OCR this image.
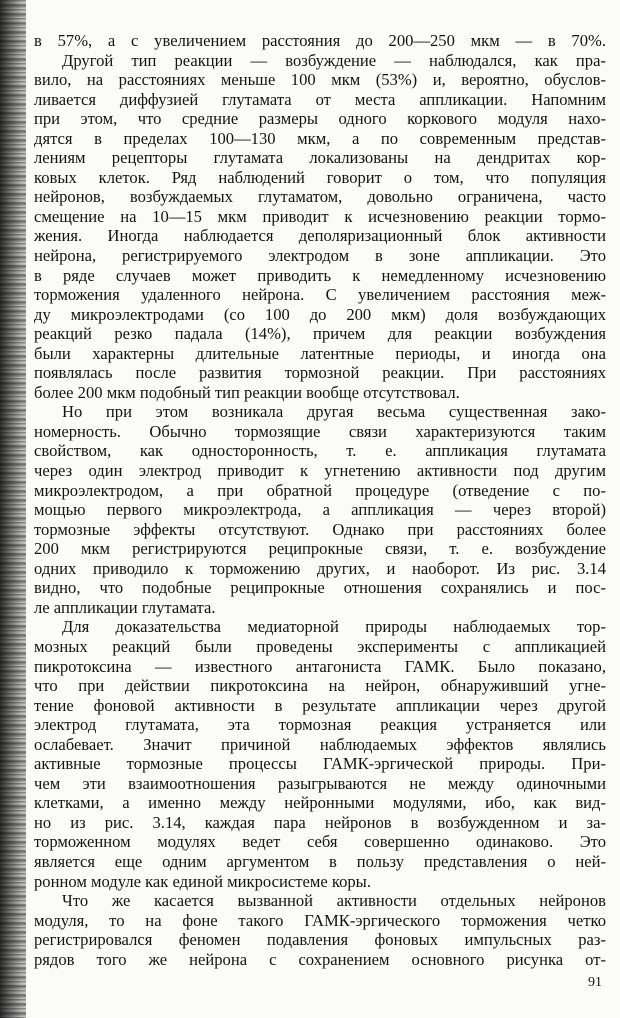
в 57%, а с увеличением расстояния до 200—250 мкм — в 70%.
Другой тип реакции — возбуждение — наблюдался, как пра-
вило, на расстояниях меньше 100 мкм (53%) и, вероятно, обуслов-
ливается диффузией глутамата от места аппликации. Напомним
при этом, что средние размеры одного коркового модуля нахо-
дятся в пределах 100—130 мкм, а по современным представ-
лениям рецепторы глутамата локализованы на дендритах кор-
ковых клеток. Ряд наблюдений говорит о том, что популяция
нейронов, возбуждаемых глутаматом, довольно ограничена, часто
смещение на 10—15 мкм приводит к исчезновению реакции тормо-
жения. Иногда наблюдается деполяризационный блок активности
нейрона, регистрируемого электродом в зоне аппликации. Это
в ряде случаев может приводить к немедленному исчезновению
торможения удаленного нейрона. С увеличением расстояния меж-
ду микроэлектродами (со 100 до 200 мкм) доля возбуждающих
реакций резко падала (14%), причем для реакции возбуждения
были характерны длительные латентные периоды, и иногда она
появлялась после развития тормозной реакции. При расстояниях
более 200 мкм подобный тип реакции вообще отсутствовал.
Но при этом возникала другая весьма существенная зако-
номерность. Обычно тормозящие связи характеризуются таким
свойством, как односторонность, т. е. аппликация глутамата
через один электрод приводит к угнетению активности под другим
микроэлектродом, а при обратной процедуре (отведение с по-
мощью первого микроэлектрода, а аппликация — через второй)
тормозные эффекты отсутствуют. Однако при расстояниях более
200 мкм регистрируются реципрокные связи, т. е. возбуждение
одних приводило к торможению других, и наоборот. Из рис. 3.14
видно, что подобные реципрокные отношения сохранялись и пос-
ле аппликации глутамата.
Для доказательства медиаторной природы наблюдаемых тор-
мозных реакций были проведены эксперименты с аппликацией
пикротоксина — известного антагониста ГАМК. Было показано,
что при действии пикротоксина на нейрон, обнаруживший угне-
тение фоновой активности в результате аппликации через другой
электрод глутамата, эта тормозная реакция устраняется или
ослабевает. Значит причиной наблюдаемых эффектов являлись
активные тормозные процессы ГАМК-эргической природы. При-
чем эти взаимоотношения разыгрываются не между одиночными
клетками, а именно между нейронными модулями, ибо, как вид-
но из рис. 3.14, каждая пара нейронов в возбужденном и за-
торможенном модулях ведет себя совершенно одинаково. Это
является еще одним аргументом в пользу представления о ней-
ронном модуле как единой микросистеме коры.
Что же касается вызванной активности отдельных нейронов
модуля, то на фоне такого ГАМК-эргического торможения четко
регистрировался феномен подавления фоновых импульсных раз-
рядов того же нейрона с сохранением основного рисунка от-
91
